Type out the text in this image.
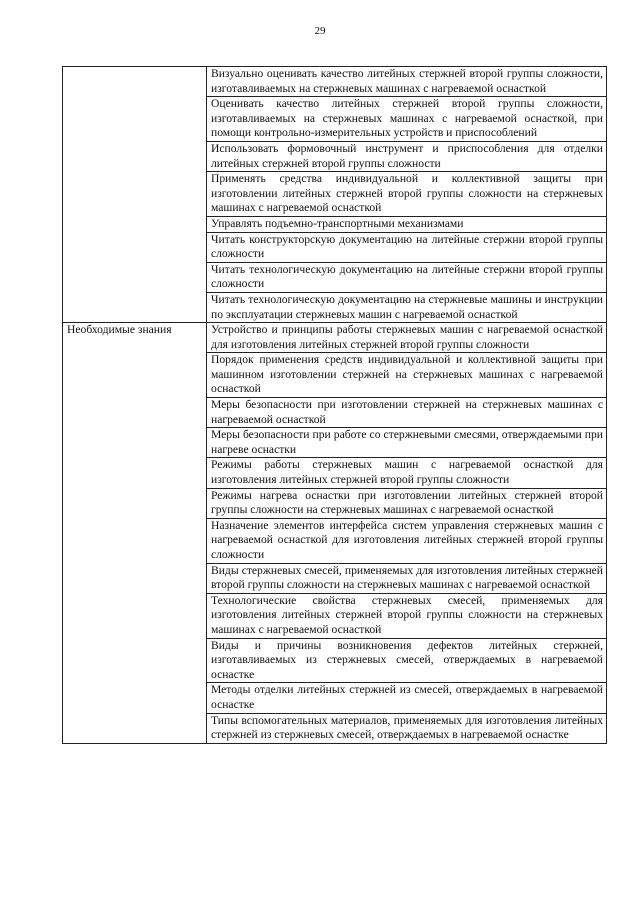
29
	Визуально оценивать качество литейных стержней второй группы сложности, изготавливаемых на стержневых машинах с нагреваемой оснасткой
	Оценивать качество литейных стержней второй группы сложности, изготавливаемых на стержневых машинах с нагреваемой оснасткой, при помощи контрольно-измерительных устройств и приспособлений
	Использовать формовочный инструмент и приспособления для отделки литейных стержней второй группы сложности
	Применять средства индивидуальной и коллективной защиты при изготовлении литейных стержней второй группы сложности на стержневых машинах с нагреваемой оснасткой
	Управлять подъемно-транспортными механизмами
	Читать конструкторскую документацию на литейные стержни второй группы сложности
	Читать технологическую документацию на литейные стержни второй группы сложности
	Читать технологическую документацию на стержневые машины и инструкции по эксплуатации стержневых машин с нагреваемой оснасткой
Необходимые знания	Устройство и принципы работы стержневых машин с нагреваемой оснасткой для изготовления литейных стержней второй группы сложности
	Порядок применения средств индивидуальной и коллективной защиты при машинном изготовлении стержней на стержневых машинах с нагреваемой оснасткой
	Меры безопасности при изготовлении стержней на стержневых машинах с нагреваемой оснасткой
	Меры безопасности при работе со стержневыми смесями, отверждаемыми при нагреве оснастки
	Режимы работы стержневых машин с нагреваемой оснасткой для изготовления литейных стержней второй группы сложности
	Режимы нагрева оснастки при изготовлении литейных стержней второй группы сложности на стержневых машинах с нагреваемой оснасткой
	Назначение элементов интерфейса систем управления стержневых машин с нагреваемой оснасткой для изготовления литейных стержней второй группы сложности
	Виды стержневых смесей, применяемых для изготовления литейных стержней второй группы сложности на стержневых машинах с нагреваемой оснасткой
	Технологические свойства стержневых смесей, применяемых для изготовления литейных стержней второй группы сложности на стержневых машинах с нагреваемой оснасткой
	Виды и причины возникновения дефектов литейных стержней, изготавливаемых из стержневых смесей, отверждаемых в нагреваемой оснастке
	Методы отделки литейных стержней из смесей, отверждаемых в нагреваемой оснастке
	Типы вспомогательных материалов, применяемых для изготовления литейных стержней из стержневых смесей, отверждаемых в нагреваемой оснастке
